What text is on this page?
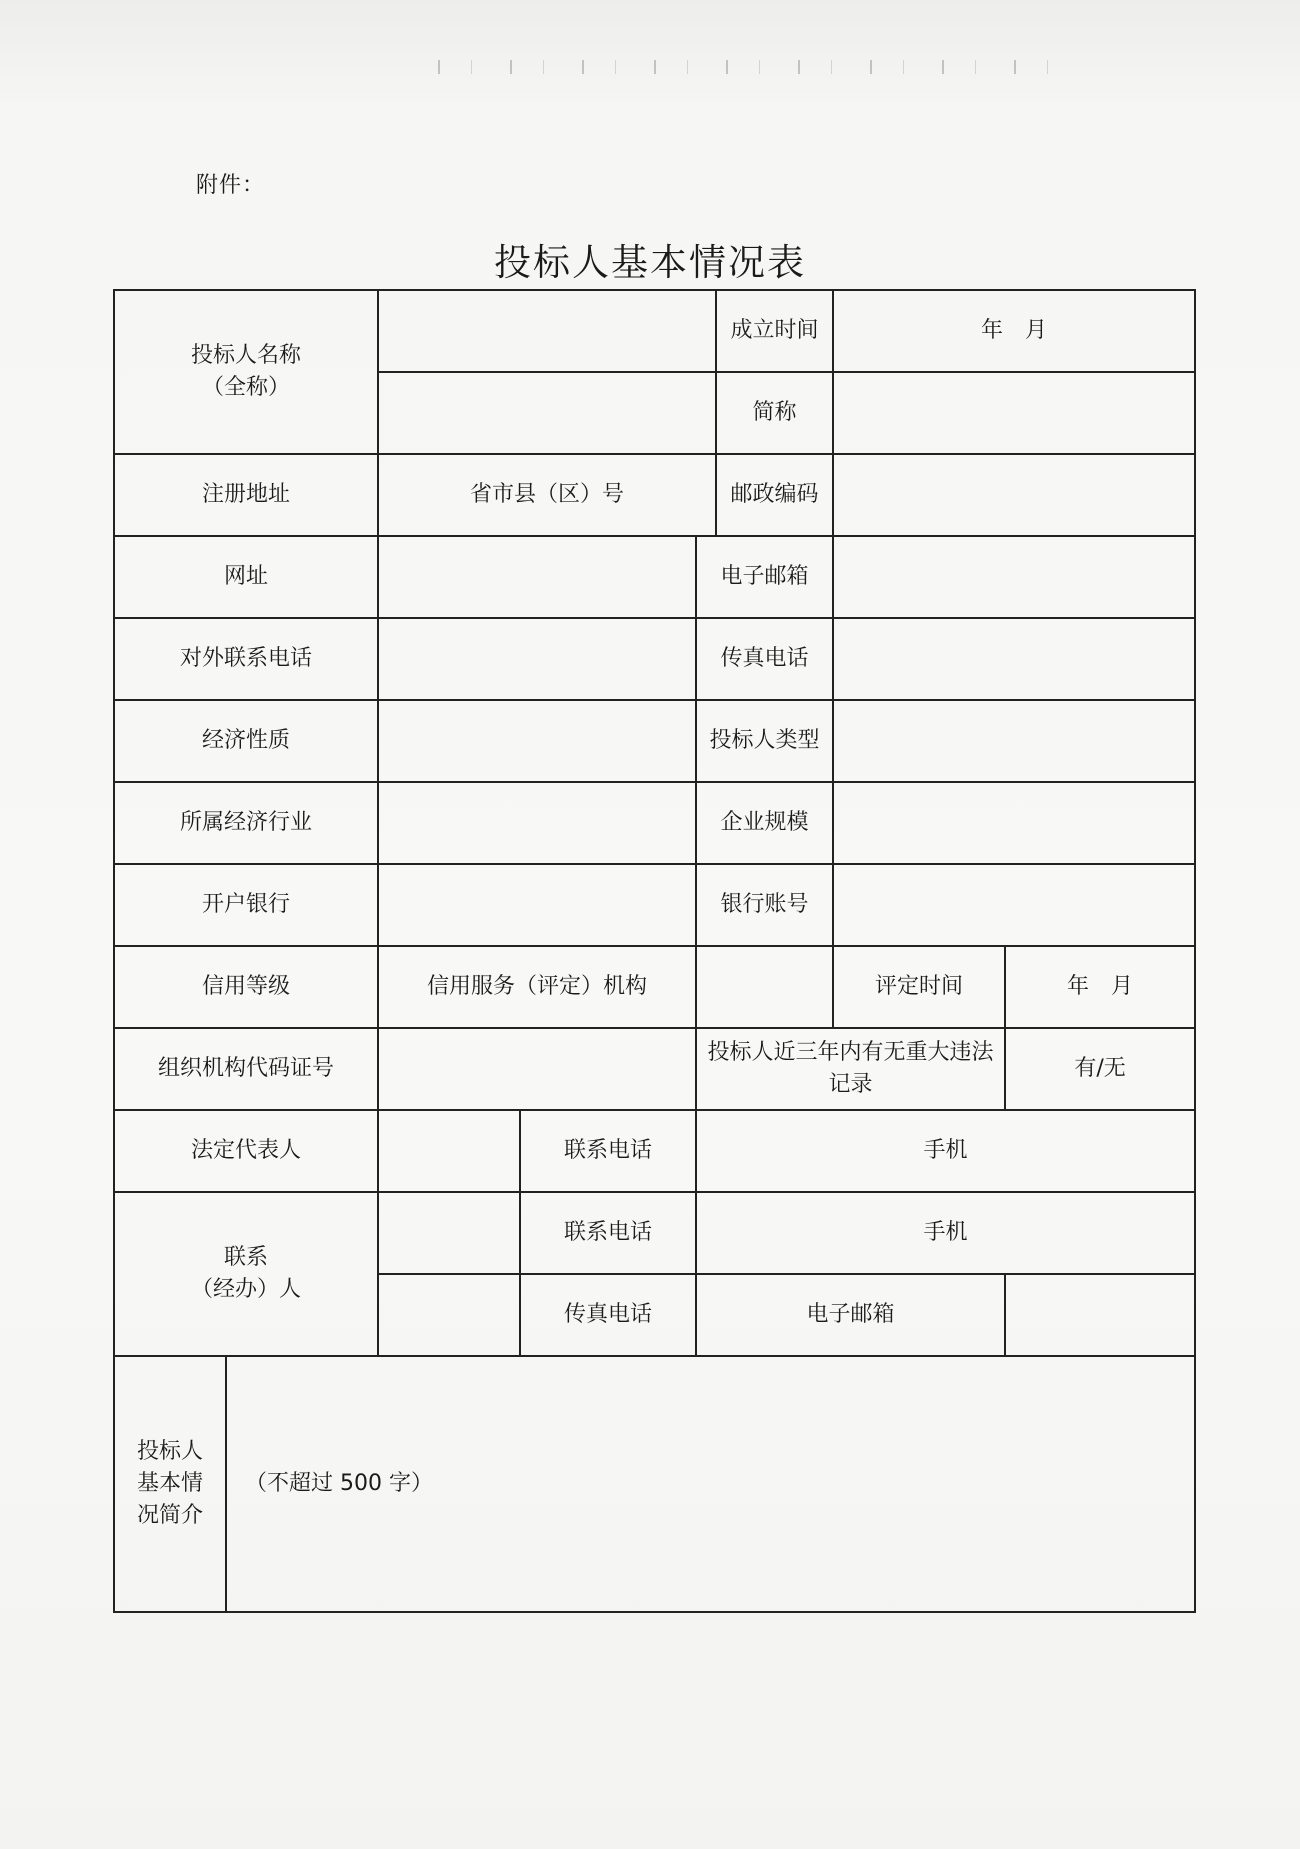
附件：
投标人基本情况表
投标人名称
（全称）					成立时间	年　月	
					简称		
注册地址		省市县（区）号			邮政编码		
网址				电子邮箱			
对外联系电话				传真电话			
经济性质				投标人类型			
所属经济行业				企业规模			
开户银行				银行账号			
信用等级		信用服务（评定）机构				评定时间	年　月
组织机构代码证号				投标人近三年内有无重大违法记录			有/无
法定代表人			联系电话	手机			

联系
（经办）人			联系电话	手机			
			传真电话	电子邮箱			

投标人
基本情
况简介	（不超过 500 字）						
